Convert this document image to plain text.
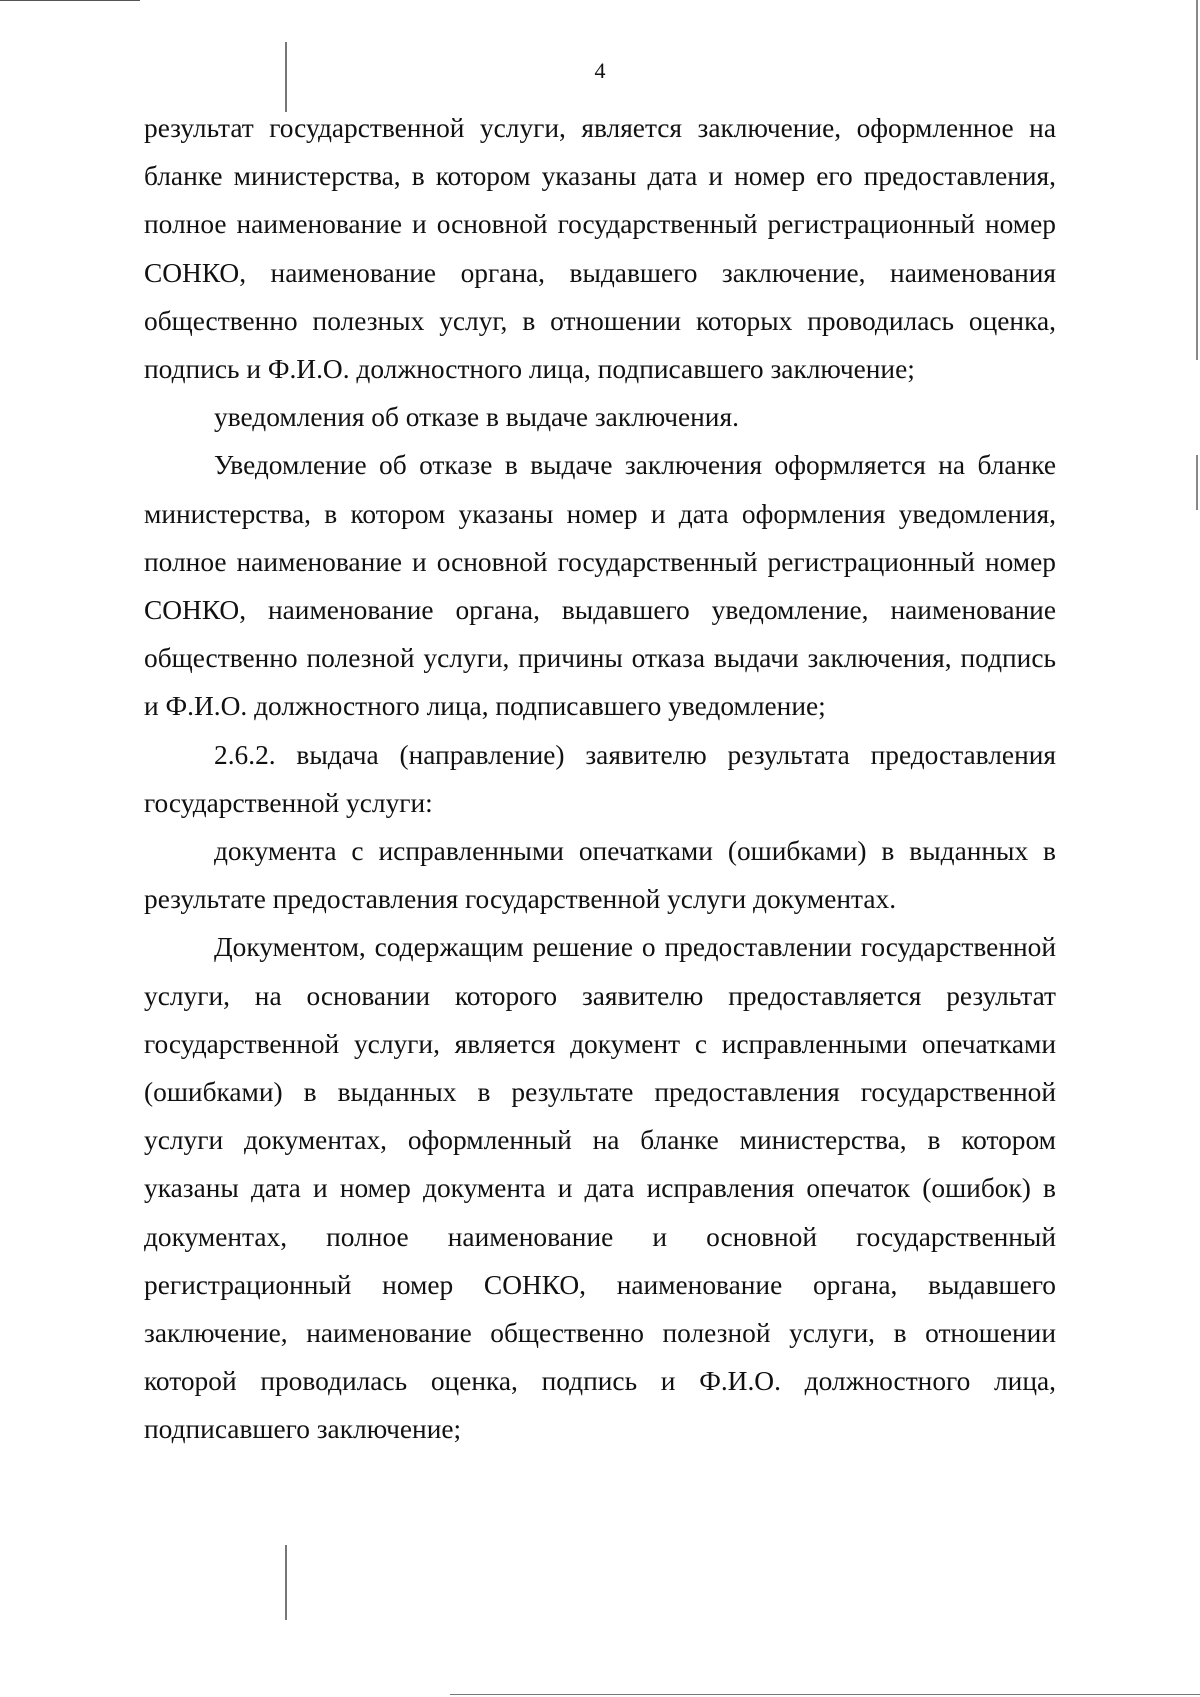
4

результат государственной услуги, является заключение, оформленное на бланке министерства, в котором указаны дата и номер его предоставления, полное наименование и основной государственный регистрационный номер СОНКО, наименование органа, выдавшего заключение, наименования общественно полезных услуг, в отношении которых проводилась оценка, подпись и Ф.И.О. должностного лица, подписавшего заключение;

уведомления об отказе в выдаче заключения.

Уведомление об отказе в выдаче заключения оформляется на бланке министерства, в котором указаны номер и дата оформления уведомления, полное наименование и основной государственный регистрационный номер СОНКО, наименование органа, выдавшего уведомление, наименование общественно полезной услуги, причины отказа выдачи заключения, подпись и Ф.И.О. должностного лица, подписавшего уведомление;

2.6.2. выдача (направление) заявителю результата предоставления государственной услуги:

документа с исправленными опечатками (ошибками) в выданных в результате предоставления государственной услуги документах.

Документом, содержащим решение о предоставлении государственной услуги, на основании которого заявителю предоставляется результат государственной услуги, является документ с исправленными опечатками (ошибками) в выданных в результате предоставления государственной услуги документах, оформленный на бланке министерства, в котором указаны дата и номер документа и дата исправления опечаток (ошибок) в документах, полное наименование и основной государственный регистрационный номер СОНКО, наименование органа, выдавшего заключение, наименование общественно полезной услуги, в отношении которой проводилась оценка, подпись и Ф.И.О. должностного лица, подписавшего заключение;
